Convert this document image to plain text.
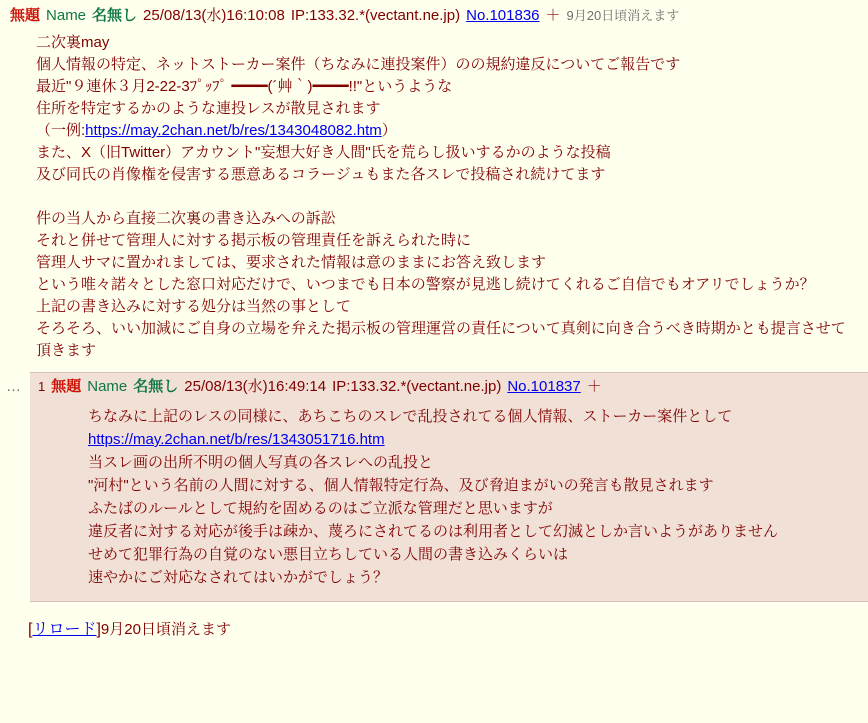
無題 Name 名無し 25/08/13(水)16:10:08 IP:133.32.*(vectant.ne.jp) No.101836 ＋ 9月20日頃消えます

二次裏may

個人情報の特定、ネットストーカー案件（ちなみに連投案件）のの規約違反についてご報告です

最近"９連休３月2-22-3ﾌﾟｯﾌﾟ ━━━━(´艸｀)━━━━!!"というような

住所を特定するかのような連投レスが散見されます

（一例:https://may.2chan.net/b/res/1343048082.htm）

また、X（旧Twitter）アカウント"妄想大好き人間"氏を荒らし扱いするかのような投稿

及び同氏の肖像権を侵害する悪意あるコラージュもまた各スレで投稿され続けてます

件の当人から直接二次裏の書き込みへの訴訟

それと併せて管理人に対する掲示板の管理責任を訴えられた時に

管理人サマに置かれましては、要求された情報は意のままにお答え致します

という唯々諾々とした窓口対応だけで、いつまでも日本の警察が見逃し続けてくれるご自信でもオアリでしょうか？

上記の書き込みに対する処分は当然の事として

そろそろ、いい加減にご自身の立場を弁えた掲示板の管理運営の責任について真剣に向き合うべき時期かとも提言させて頂きます

… 1 無題 Name 名無し 25/08/13(水)16:49:14 IP:133.32.*(vectant.ne.jp) No.101837 ＋

ちなみに上記のレスの同様に、あちこちのスレで乱投されてる個人情報、ストーカー案件として

https://may.2chan.net/b/res/1343051716.htm

当スレ画の出所不明の個人写真の各スレへの乱投と

"河村"という名前の人間に対する、個人情報特定行為、及び脅迫まがいの発言も散見されます

ふたばのルールとして規約を固めるのはご立派な管理だと思いますが

違反者に対する対応が後手は疎か、蔑ろにされてるのは利用者として幻滅としか言いようがありません

せめて犯罪行為の自覚のない悪目立ちしている人間の書き込みくらいは

速やかにご対応なされてはいかがでしょう？

[リロード]9月20日頃消えます
